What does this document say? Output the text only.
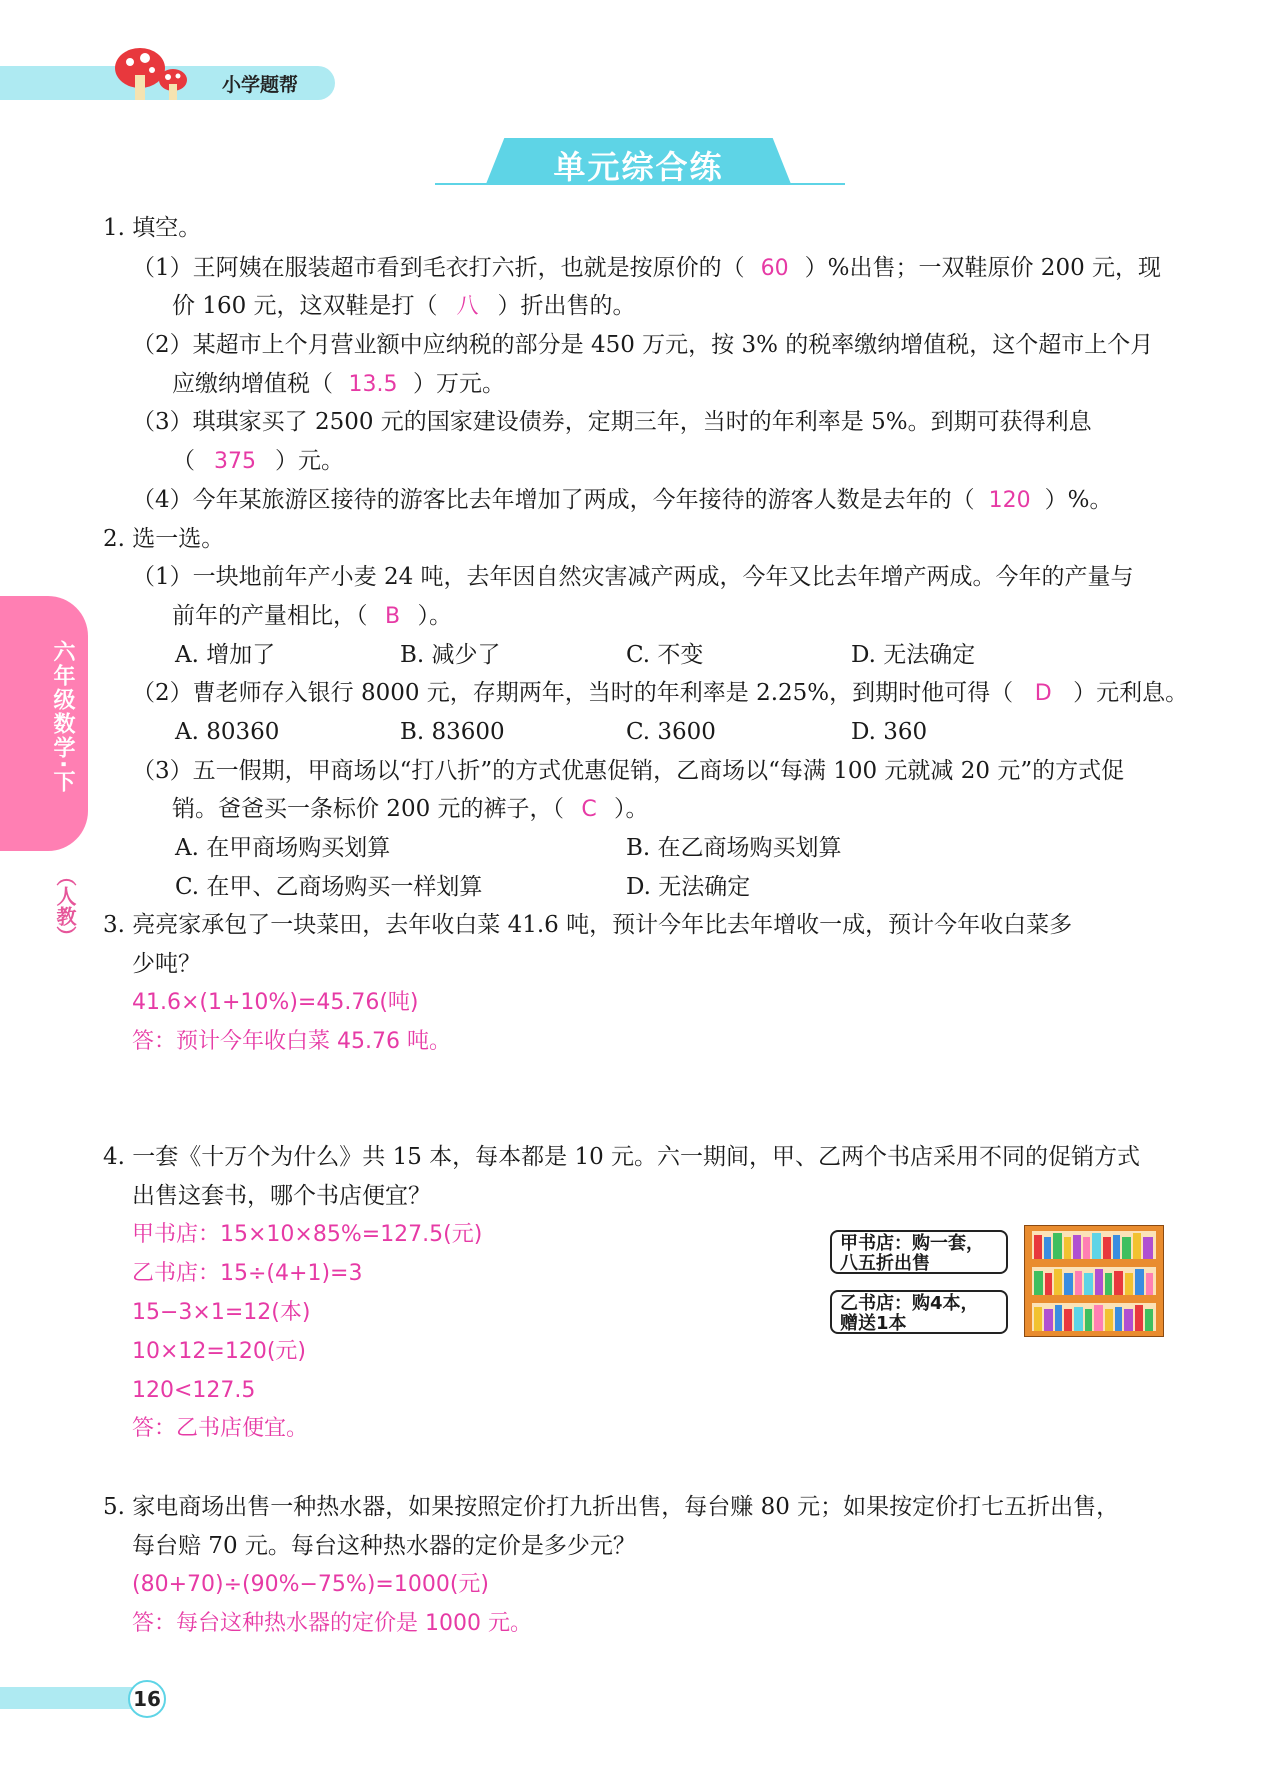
小学题帮
单元综合练
六年级数学·下
（人教）
1. 填空。
（1）王阿姨在服装超市看到毛衣打六折，也就是按原价的（ 60 ）%出售；一双鞋原价 200 元，现
价 160 元，这双鞋是打（ 八 ）折出售的。
（2）某超市上个月营业额中应纳税的部分是 450 万元，按 3% 的税率缴纳增值税，这个超市上个月
应缴纳增值税（ 13.5 ）万元。
（3）琪琪家买了 2500 元的国家建设债券，定期三年，当时的年利率是 5%。到期可获得利息
（ 375 ）元。
（4）今年某旅游区接待的游客比去年增加了两成，今年接待的游客人数是去年的（ 120 ）%。
2. 选一选。
（1）一块地前年产小麦 24 吨，去年因自然灾害减产两成，今年又比去年增产两成。今年的产量与
前年的产量相比，（ B ）。
A. 增加了	B. 减少了	C. 不变	D. 无法确定
（2）曹老师存入银行 8000 元，存期两年，当时的年利率是 2.25%，到期时他可得（ D ）元利息。
A. 80360	B. 83600	C. 3600	D. 360
（3）五一假期，甲商场以“打八折”的方式优惠促销，乙商场以“每满 100 元就减 20 元”的方式促
销。爸爸买一条标价 200 元的裤子，（ C ）。
A. 在甲商场购买划算	B. 在乙商场购买划算
C. 在甲、乙商场购买一样划算	D. 无法确定
3. 亮亮家承包了一块菜田，去年收白菜 41.6 吨，预计今年比去年增收一成，预计今年收白菜多
少吨？
41.6×(1+10%)=45.76(吨)
答：预计今年收白菜 45.76 吨。
4. 一套《十万个为什么》共 15 本，每本都是 10 元。六一期间，甲、乙两个书店采用不同的促销方式
出售这套书，哪个书店便宜？
甲书店：15×10×85%=127.5(元)
乙书店：15÷(4+1)=3
15−3×1=12(本)
10×12=120(元)
120<127.5
答：乙书店便宜。
甲书店：购一套，
八五折出售
乙书店：购4本，
赠送1本
5. 家电商场出售一种热水器，如果按照定价打九折出售，每台赚 80 元；如果按定价打七五折出售，
每台赔 70 元。每台这种热水器的定价是多少元？
(80+70)÷(90%−75%)=1000(元)
答：每台这种热水器的定价是 1000 元。
16
